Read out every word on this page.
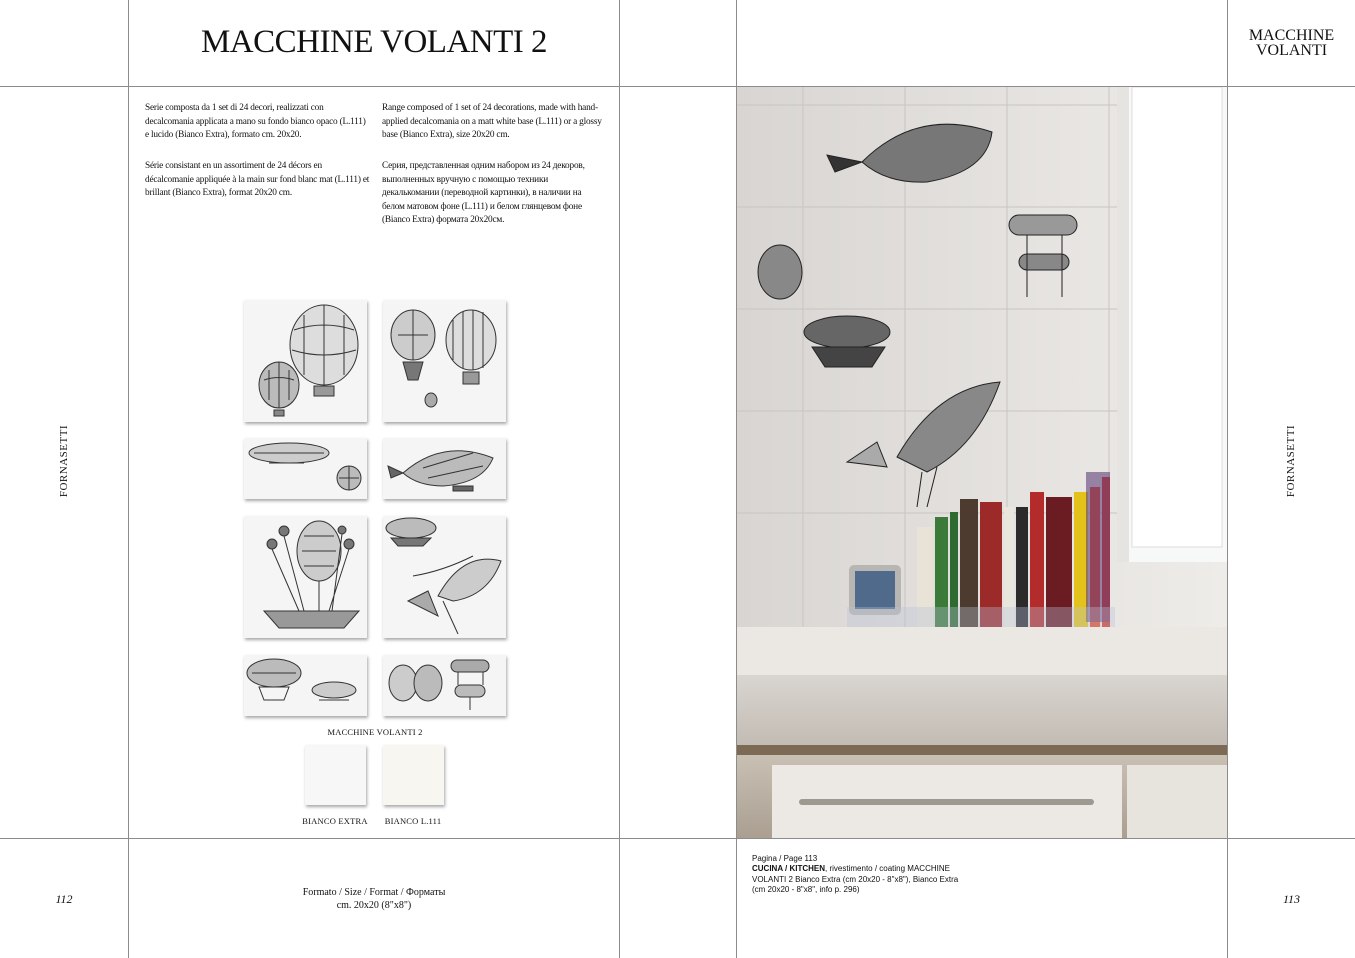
MACCHINE VOLANTI 2	MACCHINE
VOLANTI
FORNASETTI	FORNASETTI
Serie composta da 1 set di 24 decori, realizzati con decalcomania applicata a mano su fondo bianco opaco (L.111) e lucido (Bianco Extra), formato cm. 20x20.
Série consistant en un assortiment de 24 décors en décalcomanie appliquée à la main sur fond blanc mat (L.111) et brillant (Bianco Extra), format 20x20 cm.
Range composed of 1 set of 24 decorations, made with hand-applied decalcomania on a matt white base (L.111) or a glossy base (Bianco Extra), size 20x20 cm.
Серия, представленная одним набором из 24 декоров, выполненных вручную с помощью техники декалькомании (переводной картинки), в наличии на белом матовом фоне (L.111) и белом глянцевом фоне (Bianco Extra) формата 20x20см.
MACCHINE VOLANTI 2
BIANCO EXTRA	BIANCO L.111
112	113
Formato / Size / Format / Форматы
cm. 20x20 (8"x8")
Pagina / Page 113
CUCINA / KITCHEN, rivestimento / coating MACCHINE VOLANTI 2 Bianco Extra (cm 20x20 - 8"x8"), Bianco Extra (cm 20x20 - 8"x8", info p. 296)
